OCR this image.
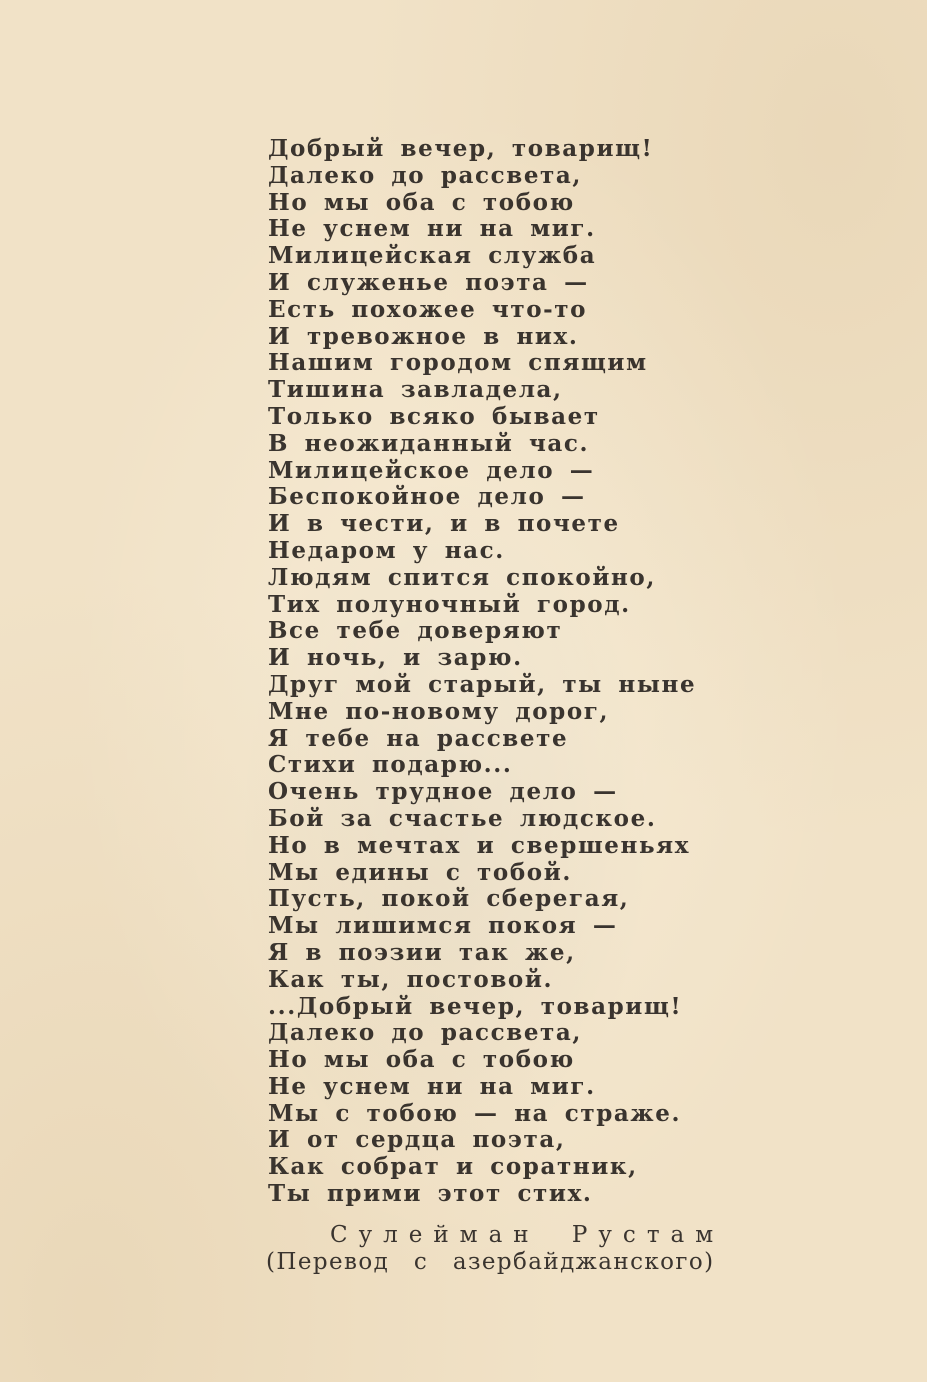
Добрый вечер, товарищ!
Далеко до рассвета,
Но мы оба с тобою
Не уснем ни на миг.
Милицейская служба
И служенье поэта —
Есть похожее что-то
И тревожное в них.
Нашим городом спящим
Тишина завладела,
Только всяко бывает
В неожиданный час.
Милицейское дело —
Беспокойное дело —
И в чести, и в почете
Недаром у нас.
Людям спится спокойно,
Тих полуночный город.
Все тебе доверяют
И ночь, и зарю.
Друг мой старый, ты ныне
Мне по-новому дорог,
Я тебе на рассвете
Стихи подарю...
Очень трудное дело —
Бой за счастье людское.
Но в мечтах и свершеньях
Мы едины с тобой.
Пусть, покой сберегая,
Мы лишимся покоя —
Я в поэзии так же,
Как ты, постовой.
...Добрый вечер, товарищ!
Далеко до рассвета,
Но мы оба с тобою
Не уснем ни на миг.
Мы с тобою — на страже.
И от сердца поэта,
Как собрат и соратник,
Ты прими этот стих.
Сулейман Рустам
(Перевод с азербайджанского)
